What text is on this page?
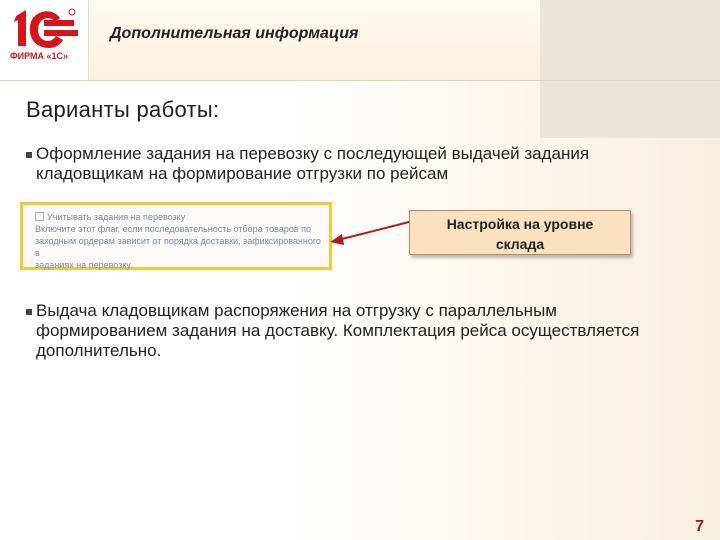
ФИРМА «1С»
Дополнительная информация
Варианты работы:
Оформление задания на перевозку с последующей выдачей задания
кладовщикам на формирование отгрузки по рейсам
Учитывать задания на перевозку
Включите этот флаг, если последовательность отбора товаров по
заходным ордерам зависит от порядка доставки, зафиксированного в
заданиях на перевозку.
Настройка на уровне
склада
Выдача кладовщикам распоряжения на отгрузку с параллельным
формированием задания на доставку. Комплектация рейса осуществляется
дополнительно.
7
